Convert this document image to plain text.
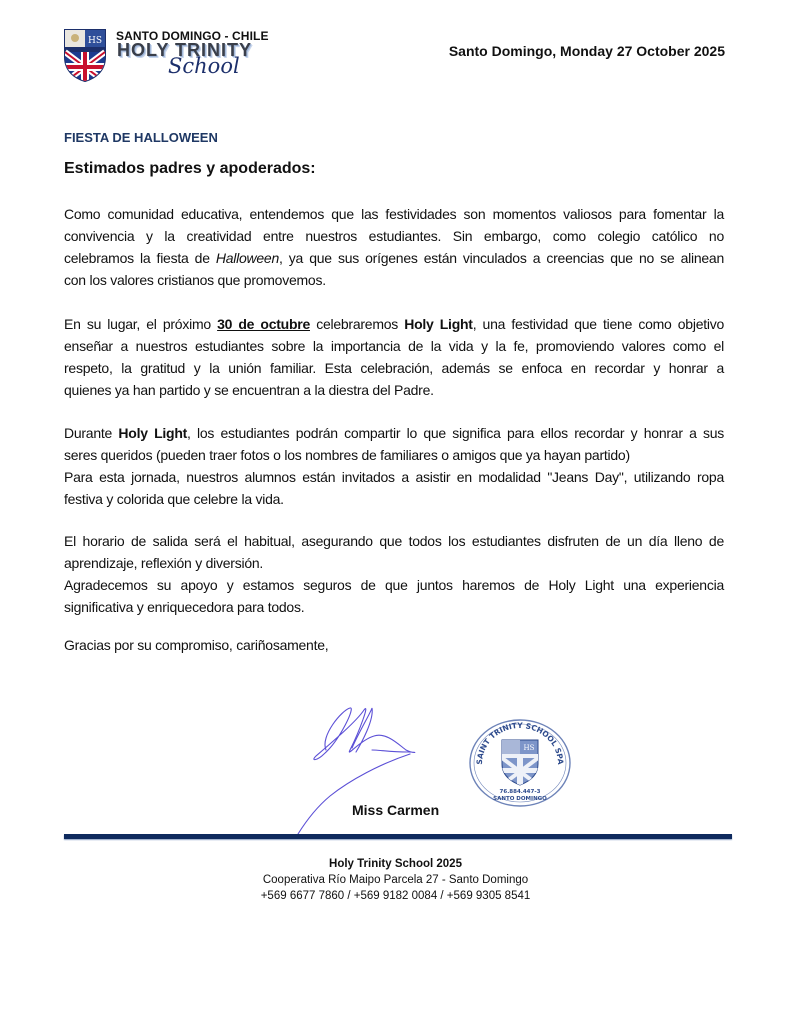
HS SANTO DOMINGO - CHILE
HOLY TRINITY
School
Santo Domingo, Monday 27 October 2025
FIESTA DE HALLOWEEN
Estimados padres y apoderados:
Como comunidad educativa, entendemos que las festividades son momentos valiosos para fomentar la
convivencia y la creatividad entre nuestros estudiantes. Sin embargo, como colegio católico no
celebramos la fiesta de Halloween, ya que sus orígenes están vinculados a creencias que no se alinean
con los valores cristianos que promovemos.
En su lugar, el próximo 30 de octubre celebraremos Holy Light, una festividad que tiene como objetivo
enseñar a nuestros estudiantes sobre la importancia de la vida y la fe, promoviendo valores como el
respeto, la gratitud y la unión familiar. Esta celebración, además se enfoca en recordar y honrar a
quienes ya han partido y se encuentran a la diestra del Padre.
Durante Holy Light, los estudiantes podrán compartir lo que significa para ellos recordar y honrar a sus
seres queridos (pueden traer fotos o los nombres de familiares o amigos que ya hayan partido)
Para esta jornada, nuestros alumnos están invitados a asistir en modalidad "Jeans Day", utilizando ropa
festiva y colorida que celebre la vida.
El horario de salida será el habitual, asegurando que todos los estudiantes disfruten de un día lleno de
aprendizaje, reflexión y diversión.
Agradecemos su apoyo y estamos seguros de que juntos haremos de Holy Light una experiencia
significativa y enriquecedora para todos.
Gracias por su compromiso, cariñosamente,
Miss Carmen
SAINT TRINITY SCHOOL SPA
HS
76.884.447-3
SANTO DOMINGO
Holy Trinity School 2025
Cooperativa Río Maipo Parcela 27 - Santo Domingo
+569 6677 7860 / +569 9182 0084 / +569 9305 8541
